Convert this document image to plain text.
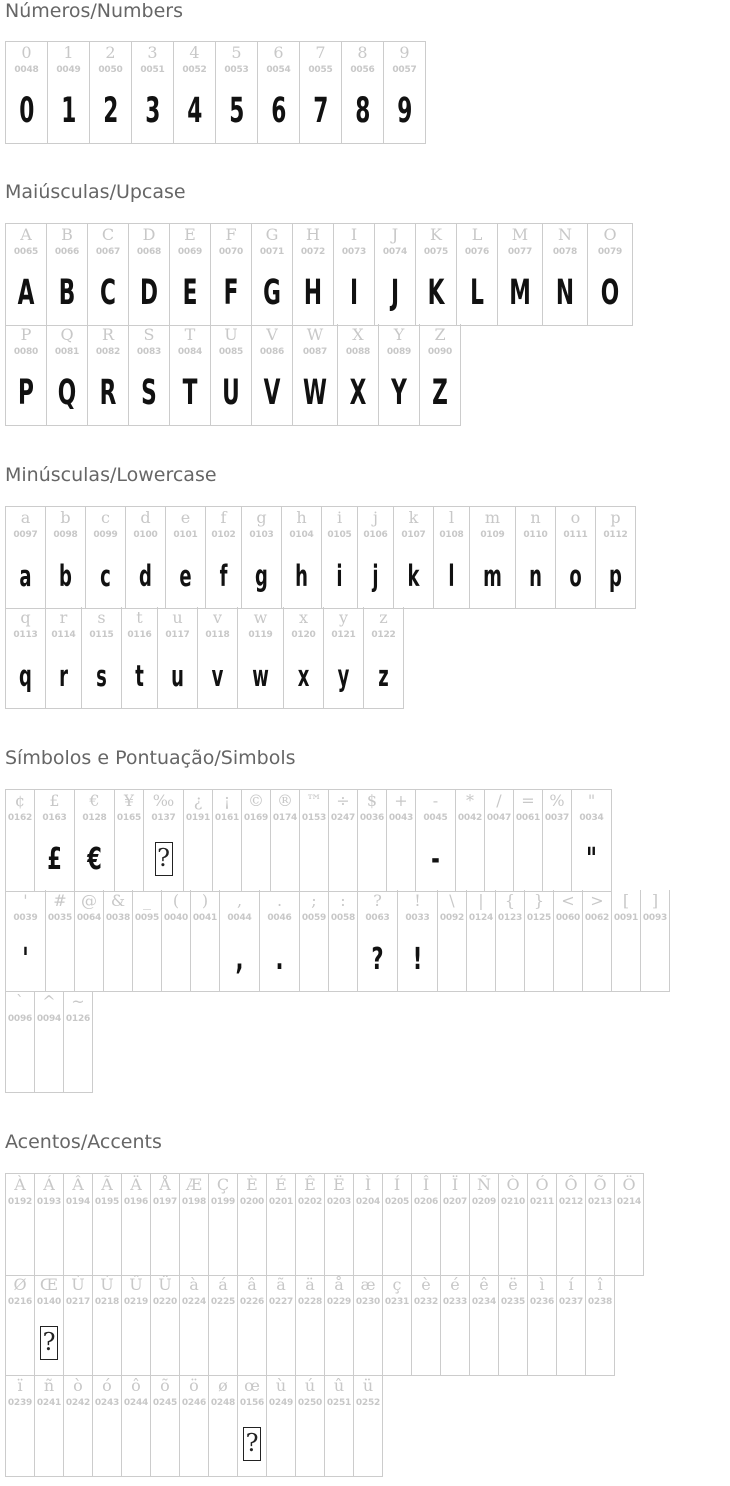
Números/Numbers
0
0048
0
1
0049
1
2
0050
2
3
0051
3
4
0052
4
5
0053
5
6
0054
6
7
0055
7
8
0056
8
9
0057
9
Maiúsculas/Upcase
A
0065
A
B
0066
B
C
0067
C
D
0068
D
E
0069
E
F
0070
F
G
0071
G
H
0072
H
I
0073
I
J
0074
J
K
0075
K
L
0076
L
M
0077
M
N
0078
N
O
0079
O
P
0080
P
Q
0081
Q
R
0082
R
S
0083
S
T
0084
T
U
0085
U
V
0086
V
W
0087
W
X
0088
X
Y
0089
Y
Z
0090
Z
Minúsculas/Lowercase
a
0097
a
b
0098
b
c
0099
c
d
0100
d
e
0101
e
f
0102
f
g
0103
g
h
0104
h
i
0105
i
j
0106
j
k
0107
k
l
0108
l
m
0109
m
n
0110
n
o
0111
o
p
0112
p
q
0113
q
r
0114
r
s
0115
s
t
0116
t
u
0117
u
v
0118
v
w
0119
w
x
0120
x
y
0121
y
z
0122
z
Símbolos e Pontuação/Simbols
¢
0162
£
0163
£
€
0128
€
¥
0165
‰
0137
?
¿
0191
¡
0161
©
0169
®
0174
™
0153
÷
0247
$
0036
+
0043
-
0045
-
*
0042
/
0047
=
0061
%
0037
"
0034
"
'
0039
'
#
0035
@
0064
&
0038
_
0095
(
0040
)
0041
,
0044
,
.
0046
.
;
0059
:
0058
?
0063
?
!
0033
!
\
0092
|
0124
{
0123
}
0125
<
0060
>
0062
[
0091
]
0093
`
0096
^
0094
~
0126
Acentos/Accents
À
0192
Á
0193
Â
0194
Ã
0195
Ä
0196
Å
0197
Æ
0198
Ç
0199
È
0200
É
0201
Ê
0202
Ë
0203
Ì
0204
Í
0205
Î
0206
Ï
0207
Ñ
0209
Ò
0210
Ó
0211
Ô
0212
Õ
0213
Ö
0214
Ø
0216
Œ
0140
?
Ù
0217
Ú
0218
Û
0219
Ü
0220
à
0224
á
0225
â
0226
ã
0227
ä
0228
å
0229
æ
0230
ç
0231
è
0232
é
0233
ê
0234
ë
0235
ì
0236
í
0237
î
0238
ï
0239
ñ
0241
ò
0242
ó
0243
ô
0244
õ
0245
ö
0246
ø
0248
œ
0156
?
ù
0249
ú
0250
û
0251
ü
0252
